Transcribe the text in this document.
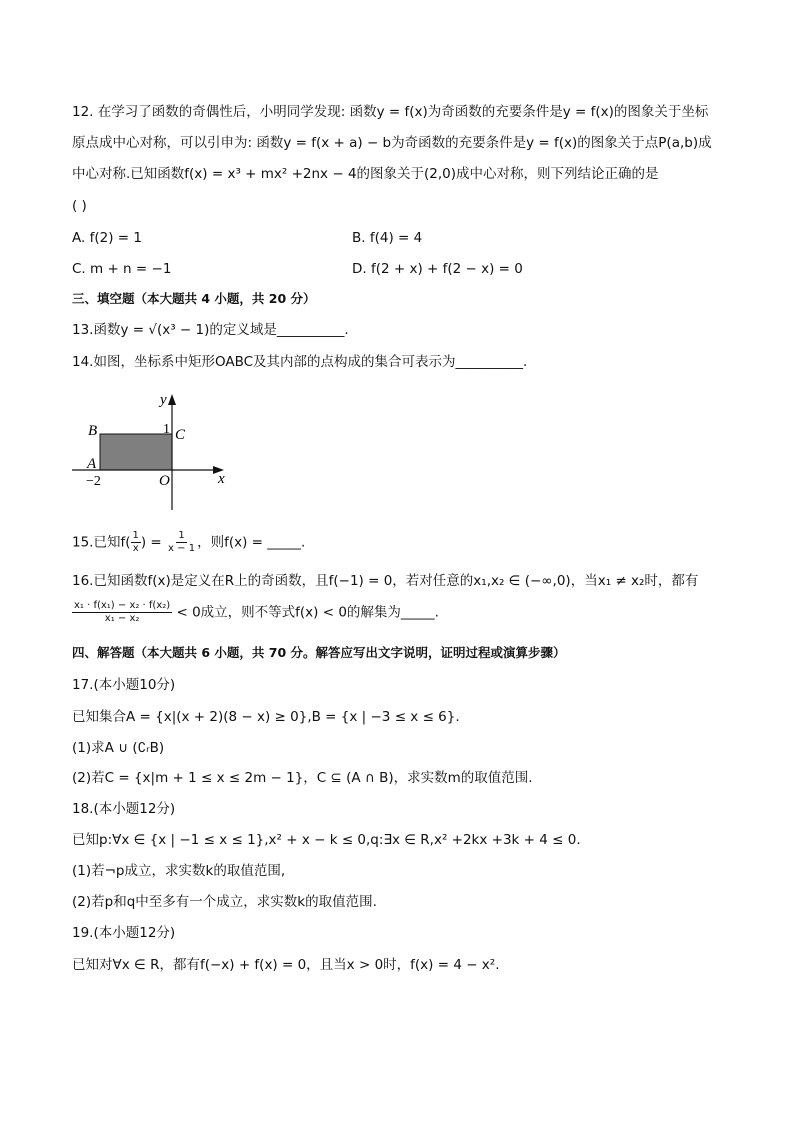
12. 在学习了函数的奇偶性后，小明同学发现: 函数y = f(x)为奇函数的充要条件是y = f(x)的图象关于坐标
原点成中心对称，可以引申为: 函数y = f(x + a) − b为奇函数的充要条件是y = f(x)的图象关于点P(a,b)成
中心对称.已知函数f(x) = x³ + mx² +2nx − 4的图象关于(2,0)成中心对称，则下列结论正确的是
( )
A. f(2) = 1	B. f(4) = 4
C. m + n = −1	D. f(2 + x) + f(2 − x) = 0
三、填空题（本大题共 4 小题，共 20 分）
13.函数y = √(x³ − 1)的定义域是__________.
14.如图，坐标系中矩形OABC及其内部的点构成的集合可表示为__________.
y
x
B	C
A
O
1
−2
15.已知$f( \frac{1}{x}$ ) = $\frac{1}{x - 1}$ ，则f(x) = _____.
16.已知函数f(x)是定义在R上的奇函数，且f(−1) = 0，若对任意的x₁,x₂ ∈ (−∞,0)，当x₁ ≠ x₂时，都有
$\frac{\text{x₁ · f(x₁) − x₂ · f(x₂)}}{\text{x₁ − x₂}} < 0$成立，则不等式f(x) < 0的解集为_____.
四、解答题（本大题共 6 小题，共 70 分。解答应写出文字说明，证明过程或演算步骤）
17.(本小题10分)
已知集合A = {x|(x + 2)(8 − x) ≥ 0},B = {x | −3 ≤ x ≤ 6}.
(1)求A ∪ (∁ᵣB)
(2)若C = {x|m + 1 ≤ x ≤ 2m − 1}，C ⊆ (A ∩ B)，求实数m的取值范围.
18.(本小题12分)
已知p:∀x ∈ {x | −1 ≤ x ≤ 1},x² + x − k ≤ 0,q:∃x ∈ R,x² +2kx +3k + 4 ≤ 0.
(1)若¬p成立，求实数k的取值范围,
(2)若p和q中至多有一个成立，求实数k的取值范围.
19.(本小题12分)
已知对∀x ∈ R，都有f(−x) + f(x) = 0，且当x > 0时，f(x) = 4 − x².
